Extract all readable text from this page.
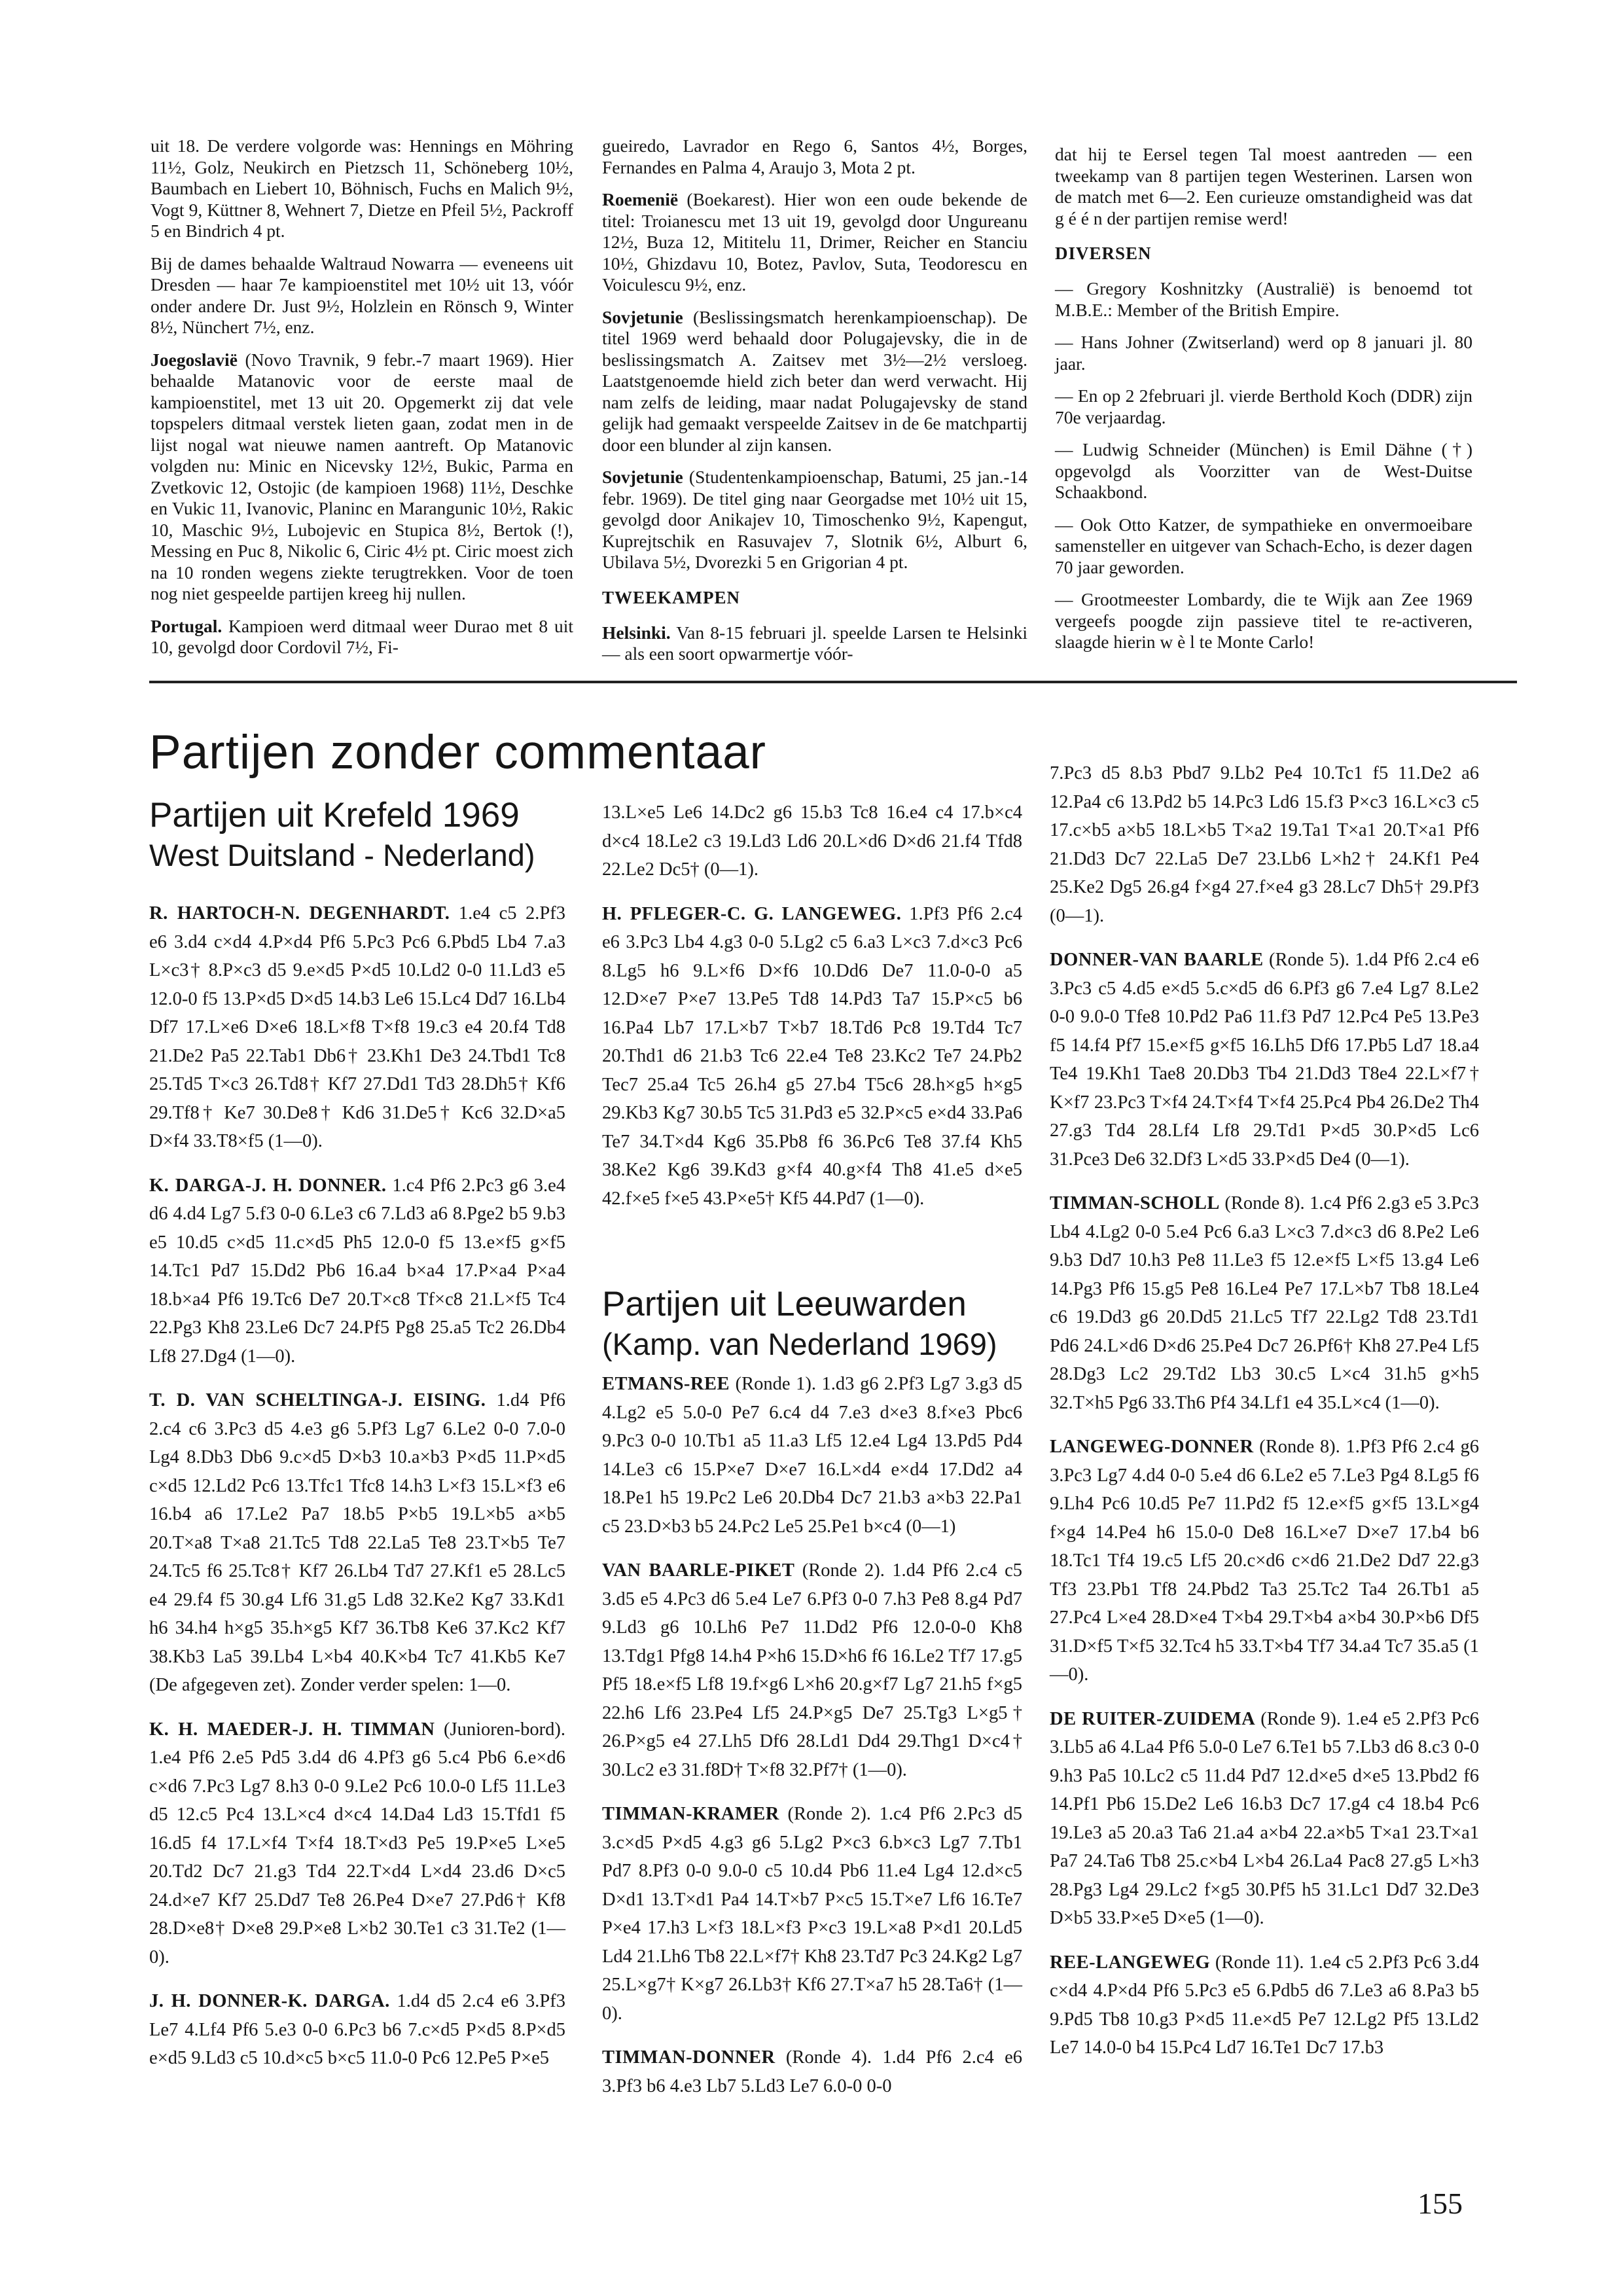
uit 18. De verdere volgorde was: Hennings en Möhring 11½, Golz, Neukirch en Pietzsch 11, Schöneberg 10½, Baumbach en Liebert 10, Böhnisch, Fuchs en Malich 9½, Vogt 9, Küttner 8, Wehnert 7, Dietze en Pfeil 5½, Packroff 5 en Bindrich 4 pt.

Bij de dames behaalde Waltraud Nowarra — eveneens uit Dresden — haar 7e kampioenstitel met 10½ uit 13, vóór onder andere Dr. Just 9½, Holzlein en Rönsch 9, Winter 8½, Nünchert 7½, enz.

Joegoslavië (Novo Travnik, 9 febr.-7 maart 1969). Hier behaalde Matanovic voor de eerste maal de kampioenstitel, met 13 uit 20. Opgemerkt zij dat vele topspelers ditmaal verstek lieten gaan, zodat men in de lijst nogal wat nieuwe namen aantreft. Op Matanovic volgden nu: Minic en Nicevsky 12½, Bukic, Parma en Zvetkovic 12, Ostojic (de kampioen 1968) 11½, Deschke en Vukic 11, Ivanovic, Planinc en Marangunic 10½, Rakic 10, Maschic 9½, Lubojevic en Stupica 8½, Bertok (!), Messing en Puc 8, Nikolic 6, Ciric 4½ pt. Ciric moest zich na 10 ronden wegens ziekte terugtrekken. Voor de toen nog niet gespeelde partijen kreeg hij nullen.

Portugal. Kampioen werd ditmaal weer Durao met 8 uit 10, gevolgd door Cordovil 7½, Fi-

gueiredo, Lavrador en Rego 6, Santos 4½, Borges, Fernandes en Palma 4, Araujo 3, Mota 2 pt.

Roemenië (Boekarest). Hier won een oude bekende de titel: Troianescu met 13 uit 19, gevolgd door Ungureanu 12½, Buza 12, Mititelu 11, Drimer, Reicher en Stanciu 10½, Ghizdavu 10, Botez, Pavlov, Suta, Teodorescu en Voiculescu 9½, enz.

Sovjetunie (Beslissingsmatch herenkampioenschap). De titel 1969 werd behaald door Polugajevsky, die in de beslissingsmatch A. Zaitsev met 3½—2½ versloeg. Laatstgenoemde hield zich beter dan werd verwacht. Hij nam zelfs de leiding, maar nadat Polugajevsky de stand gelijk had gemaakt verspeelde Zaitsev in de 6e matchpartij door een blunder al zijn kansen.

Sovjetunie (Studentenkampioenschap, Batumi, 25 jan.-14 febr. 1969). De titel ging naar Georgadse met 10½ uit 15, gevolgd door Anikajev 10, Timoschenko 9½, Kapengut, Kuprejtschik en Rasuvajev 7, Slotnik 6½, Alburt 6, Ubilava 5½, Dvorezki 5 en Grigorian 4 pt.

TWEEKAMPEN

Helsinki. Van 8-15 februari jl. speelde Larsen te Helsinki — als een soort opwarmertje vóór-

dat hij te Eersel tegen Tal moest aantreden — een tweekamp van 8 partijen tegen Westerinen. Larsen won de match met 6—2. Een curieuze omstandigheid was dat g é é n der partijen remise werd!

DIVERSEN

— Gregory Koshnitzky (Australië) is benoemd tot M.B.E.: Member of the British Empire.

— Hans Johner (Zwitserland) werd op 8 januari jl. 80 jaar.

— En op 2 2februari jl. vierde Berthold Koch (DDR) zijn 70e verjaardag.

— Ludwig Schneider (München) is Emil Dähne (†) opgevolgd als Voorzitter van de West-Duitse Schaakbond.

— Ook Otto Katzer, de sympathieke en onvermoeibare samensteller en uitgever van Schach-Echo, is dezer dagen 70 jaar geworden.

— Grootmeester Lombardy, die te Wijk aan Zee 1969 vergeefs poogde zijn passieve titel te re-activeren, slaagde hierin w è l te Monte Carlo!

Partijen zonder commentaar
Partijen uit Krefeld 1969
West Duitsland - Nederland)

R. HARTOCH-N. DEGENHARDT. 1.e4 c5 2.Pf3 e6 3.d4 c×d4 4.P×d4 Pf6 5.Pc3 Pc6 6.Pbd5 Lb4 7.a3 L×c3† 8.P×c3 d5 9.e×d5 P×d5 10.Ld2 0-0 11.Ld3 e5 12.0-0 f5 13.P×d5 D×d5 14.b3 Le6 15.Lc4 Dd7 16.Lb4 Df7 17.L×e6 D×e6 18.L×f8 T×f8 19.c3 e4 20.f4 Td8 21.De2 Pa5 22.Tab1 Db6† 23.Kh1 De3 24.Tbd1 Tc8 25.Td5 T×c3 26.Td8† Kf7 27.Dd1 Td3 28.Dh5† Kf6 29.Tf8† Ke7 30.De8† Kd6 31.De5† Kc6 32.D×a5 D×f4 33.T8×f5 (1—0).

K. DARGA-J. H. DONNER. 1.c4 Pf6 2.Pc3 g6 3.e4 d6 4.d4 Lg7 5.f3 0-0 6.Le3 c6 7.Ld3 a6 8.Pge2 b5 9.b3 e5 10.d5 c×d5 11.c×d5 Ph5 12.0-0 f5 13.e×f5 g×f5 14.Tc1 Pd7 15.Dd2 Pb6 16.a4 b×a4 17.P×a4 P×a4 18.b×a4 Pf6 19.Tc6 De7 20.T×c8 Tf×c8 21.L×f5 Tc4 22.Pg3 Kh8 23.Le6 Dc7 24.Pf5 Pg8 25.a5 Tc2 26.Db4 Lf8 27.Dg4 (1—0).

T. D. VAN SCHELTINGA-J. EISING. 1.d4 Pf6 2.c4 c6 3.Pc3 d5 4.e3 g6 5.Pf3 Lg7 6.Le2 0-0 7.0-0 Lg4 8.Db3 Db6 9.c×d5 D×b3 10.a×b3 P×d5 11.P×d5 c×d5 12.Ld2 Pc6 13.Tfc1 Tfc8 14.h3 L×f3 15.L×f3 e6 16.b4 a6 17.Le2 Pa7 18.b5 P×b5 19.L×b5 a×b5 20.T×a8 T×a8 21.Tc5 Td8 22.La5 Te8 23.T×b5 Te7 24.Tc5 f6 25.Tc8† Kf7 26.Lb4 Td7 27.Kf1 e5 28.Lc5 e4 29.f4 f5 30.g4 Lf6 31.g5 Ld8 32.Ke2 Kg7 33.Kd1 h6 34.h4 h×g5 35.h×g5 Kf7 36.Tb8 Ke6 37.Kc2 Kf7 38.Kb3 La5 39.Lb4 L×b4 40.K×b4 Tc7 41.Kb5 Ke7 (De afgegeven zet). Zonder verder spelen: 1—0.

K. H. MAEDER-J. H. TIMMAN (Junioren-bord). 1.e4 Pf6 2.e5 Pd5 3.d4 d6 4.Pf3 g6 5.c4 Pb6 6.e×d6 c×d6 7.Pc3 Lg7 8.h3 0-0 9.Le2 Pc6 10.0-0 Lf5 11.Le3 d5 12.c5 Pc4 13.L×c4 d×c4 14.Da4 Ld3 15.Tfd1 f5 16.d5 f4 17.L×f4 T×f4 18.T×d3 Pe5 19.P×e5 L×e5 20.Td2 Dc7 21.g3 Td4 22.T×d4 L×d4 23.d6 D×c5 24.d×e7 Kf7 25.Dd7 Te8 26.Pe4 D×e7 27.Pd6† Kf8 28.D×e8† D×e8 29.P×e8 L×b2 30.Te1 c3 31.Te2 (1—0).

J. H. DONNER-K. DARGA. 1.d4 d5 2.c4 e6 3.Pf3 Le7 4.Lf4 Pf6 5.e3 0-0 6.Pc3 b6 7.c×d5 P×d5 8.P×d5 e×d5 9.Ld3 c5 10.d×c5 b×c5 11.0-0 Pc6 12.Pe5 P×e5

13.L×e5 Le6 14.Dc2 g6 15.b3 Tc8 16.e4 c4 17.b×c4 d×c4 18.Le2 c3 19.Ld3 Ld6 20.L×d6 D×d6 21.f4 Tfd8 22.Le2 Dc5† (0—1).

H. PFLEGER-C. G. LANGEWEG. 1.Pf3 Pf6 2.c4 e6 3.Pc3 Lb4 4.g3 0-0 5.Lg2 c5 6.a3 L×c3 7.d×c3 Pc6 8.Lg5 h6 9.L×f6 D×f6 10.Dd6 De7 11.0-0-0 a5 12.D×e7 P×e7 13.Pe5 Td8 14.Pd3 Ta7 15.P×c5 b6 16.Pa4 Lb7 17.L×b7 T×b7 18.Td6 Pc8 19.Td4 Tc7 20.Thd1 d6 21.b3 Tc6 22.e4 Te8 23.Kc2 Te7 24.Pb2 Tec7 25.a4 Tc5 26.h4 g5 27.b4 T5c6 28.h×g5 h×g5 29.Kb3 Kg7 30.b5 Tc5 31.Pd3 e5 32.P×c5 e×d4 33.Pa6 Te7 34.T×d4 Kg6 35.Pb8 f6 36.Pc6 Te8 37.f4 Kh5 38.Ke2 Kg6 39.Kd3 g×f4 40.g×f4 Th8 41.e5 d×e5 42.f×e5 f×e5 43.P×e5† Kf5 44.Pd7 (1—0).

Partijen uit Leeuwarden
(Kamp. van Nederland 1969)

ETMANS-REE (Ronde 1). 1.d3 g6 2.Pf3 Lg7 3.g3 d5 4.Lg2 e5 5.0-0 Pe7 6.c4 d4 7.e3 d×e3 8.f×e3 Pbc6 9.Pc3 0-0 10.Tb1 a5 11.a3 Lf5 12.e4 Lg4 13.Pd5 Pd4 14.Le3 c6 15.P×e7 D×e7 16.L×d4 e×d4 17.Dd2 a4 18.Pe1 h5 19.Pc2 Le6 20.Db4 Dc7 21.b3 a×b3 22.Pa1 c5 23.D×b3 b5 24.Pc2 Le5 25.Pe1 b×c4 (0—1)

VAN BAARLE-PIKET (Ronde 2). 1.d4 Pf6 2.c4 c5 3.d5 e5 4.Pc3 d6 5.e4 Le7 6.Pf3 0-0 7.h3 Pe8 8.g4 Pd7 9.Ld3 g6 10.Lh6 Pe7 11.Dd2 Pf6 12.0-0-0 Kh8 13.Tdg1 Pfg8 14.h4 P×h6 15.D×h6 f6 16.Le2 Tf7 17.g5 Pf5 18.e×f5 Lf8 19.f×g6 L×h6 20.g×f7 Lg7 21.h5 f×g5 22.h6 Lf6 23.Pe4 Lf5 24.P×g5 De7 25.Tg3 L×g5† 26.P×g5 e4 27.Lh5 Df6 28.Ld1 Dd4 29.Thg1 D×c4† 30.Lc2 e3 31.f8D† T×f8 32.Pf7† (1—0).

TIMMAN-KRAMER (Ronde 2). 1.c4 Pf6 2.Pc3 d5 3.c×d5 P×d5 4.g3 g6 5.Lg2 P×c3 6.b×c3 Lg7 7.Tb1 Pd7 8.Pf3 0-0 9.0-0 c5 10.d4 Pb6 11.e4 Lg4 12.d×c5 D×d1 13.T×d1 Pa4 14.T×b7 P×c5 15.T×e7 Lf6 16.Te7 P×e4 17.h3 L×f3 18.L×f3 P×c3 19.L×a8 P×d1 20.Ld5 Ld4 21.Lh6 Tb8 22.L×f7† Kh8 23.Td7 Pc3 24.Kg2 Lg7 25.L×g7† K×g7 26.Lb3† Kf6 27.T×a7 h5 28.Ta6† (1—0).

TIMMAN-DONNER (Ronde 4). 1.d4 Pf6 2.c4 e6 3.Pf3 b6 4.e3 Lb7 5.Ld3 Le7 6.0-0 0-0

7.Pc3 d5 8.b3 Pbd7 9.Lb2 Pe4 10.Tc1 f5 11.De2 a6 12.Pa4 c6 13.Pd2 b5 14.Pc3 Ld6 15.f3 P×c3 16.L×c3 c5 17.c×b5 a×b5 18.L×b5 T×a2 19.Ta1 T×a1 20.T×a1 Pf6 21.Dd3 Dc7 22.La5 De7 23.Lb6 L×h2† 24.Kf1 Pe4 25.Ke2 Dg5 26.g4 f×g4 27.f×e4 g3 28.Lc7 Dh5† 29.Pf3 (0—1).

DONNER-VAN BAARLE (Ronde 5). 1.d4 Pf6 2.c4 e6 3.Pc3 c5 4.d5 e×d5 5.c×d5 d6 6.Pf3 g6 7.e4 Lg7 8.Le2 0-0 9.0-0 Tfe8 10.Pd2 Pa6 11.f3 Pd7 12.Pc4 Pe5 13.Pe3 f5 14.f4 Pf7 15.e×f5 g×f5 16.Lh5 Df6 17.Pb5 Ld7 18.a4 Te4 19.Kh1 Tae8 20.Db3 Tb4 21.Dd3 T8e4 22.L×f7† K×f7 23.Pc3 T×f4 24.T×f4 T×f4 25.Pc4 Pb4 26.De2 Th4 27.g3 Td4 28.Lf4 Lf8 29.Td1 P×d5 30.P×d5 Lc6 31.Pce3 De6 32.Df3 L×d5 33.P×d5 De4 (0—1).

TIMMAN-SCHOLL (Ronde 8). 1.c4 Pf6 2.g3 e5 3.Pc3 Lb4 4.Lg2 0-0 5.e4 Pc6 6.a3 L×c3 7.d×c3 d6 8.Pe2 Le6 9.b3 Dd7 10.h3 Pe8 11.Le3 f5 12.e×f5 L×f5 13.g4 Le6 14.Pg3 Pf6 15.g5 Pe8 16.Le4 Pe7 17.L×b7 Tb8 18.Le4 c6 19.Dd3 g6 20.Dd5 21.Lc5 Tf7 22.Lg2 Td8 23.Td1 Pd6 24.L×d6 D×d6 25.Pe4 Dc7 26.Pf6† Kh8 27.Pe4 Lf5 28.Dg3 Lc2 29.Td2 Lb3 30.c5 L×c4 31.h5 g×h5 32.T×h5 Pg6 33.Th6 Pf4 34.Lf1 e4 35.L×c4 (1—0).

LANGEWEG-DONNER (Ronde 8). 1.Pf3 Pf6 2.c4 g6 3.Pc3 Lg7 4.d4 0-0 5.e4 d6 6.Le2 e5 7.Le3 Pg4 8.Lg5 f6 9.Lh4 Pc6 10.d5 Pe7 11.Pd2 f5 12.e×f5 g×f5 13.L×g4 f×g4 14.Pe4 h6 15.0-0 De8 16.L×e7 D×e7 17.b4 b6 18.Tc1 Tf4 19.c5 Lf5 20.c×d6 c×d6 21.De2 Dd7 22.g3 Tf3 23.Pb1 Tf8 24.Pbd2 Ta3 25.Tc2 Ta4 26.Tb1 a5 27.Pc4 L×e4 28.D×e4 T×b4 29.T×b4 a×b4 30.P×b6 Df5 31.D×f5 T×f5 32.Tc4 h5 33.T×b4 Tf7 34.a4 Tc7 35.a5 (1—0).

DE RUITER-ZUIDEMA (Ronde 9). 1.e4 e5 2.Pf3 Pc6 3.Lb5 a6 4.La4 Pf6 5.0-0 Le7 6.Te1 b5 7.Lb3 d6 8.c3 0-0 9.h3 Pa5 10.Lc2 c5 11.d4 Pd7 12.d×e5 d×e5 13.Pbd2 f6 14.Pf1 Pb6 15.De2 Le6 16.b3 Dc7 17.g4 c4 18.b4 Pc6 19.Le3 a5 20.a3 Ta6 21.a4 a×b4 22.a×b5 T×a1 23.T×a1 Pa7 24.Ta6 Tb8 25.c×b4 L×b4 26.La4 Pac8 27.g5 L×h3 28.Pg3 Lg4 29.Lc2 f×g5 30.Pf5 h5 31.Lc1 Dd7 32.De3 D×b5 33.P×e5 D×e5 (1—0).

REE-LANGEWEG (Ronde 11). 1.e4 c5 2.Pf3 Pc6 3.d4 c×d4 4.P×d4 Pf6 5.Pc3 e5 6.Pdb5 d6 7.Le3 a6 8.Pa3 b5 9.Pd5 Tb8 10.g3 P×d5 11.e×d5 Pe7 12.Lg2 Pf5 13.Ld2 Le7 14.0-0 b4 15.Pc4 Ld7 16.Te1 Dc7 17.b3

155
